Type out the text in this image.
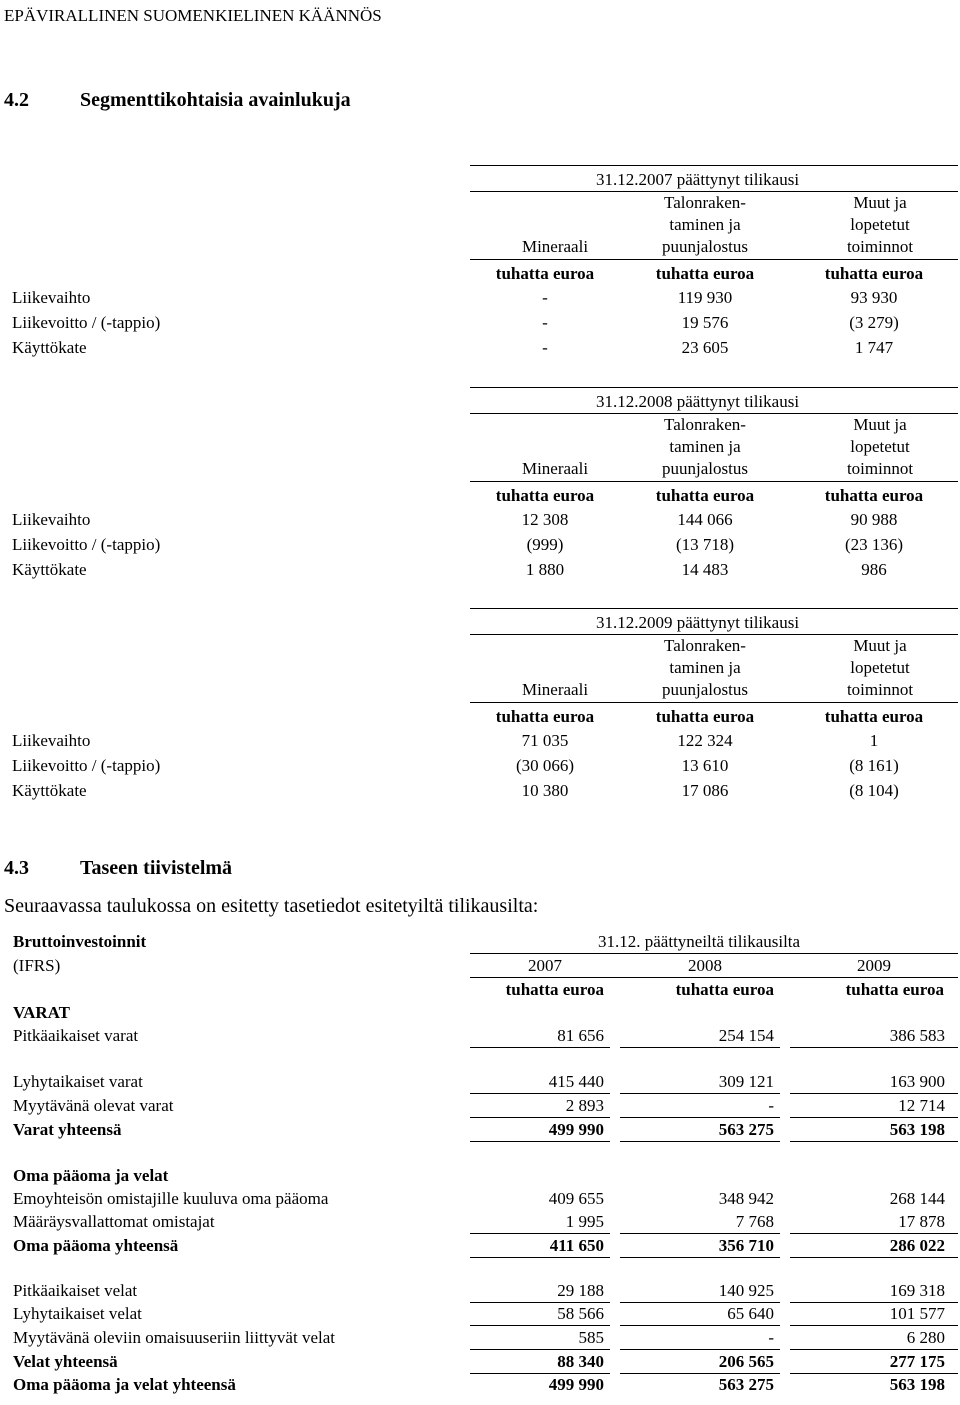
EPÄVIRALLINEN SUOMENKIELINEN KÄÄNNÖS
4.2	Segmenttikohtaisia avainlukuja
31.12.2007 päättynyt tilikausi
Mineraali
Talonraken-	Muut ja
taminen ja	lopetetut
puunjalostus	toiminnot
tuhatta euroa	tuhatta euroa	tuhatta euroa
Liikevaihto	-	119 930	93 930
Liikevoitto / (-tappio)	-	19 576	(3 279)
Käyttökate	-	23 605	1 747
31.12.2008 päättynyt tilikausi
Mineraali
Talonraken-	Muut ja
taminen ja	lopetetut
puunjalostus	toiminnot
tuhatta euroa	tuhatta euroa	tuhatta euroa
Liikevaihto	12 308	144 066	90 988
Liikevoitto / (-tappio)	(999)	(13 718)	(23 136)
Käyttökate	1 880	14 483	986
31.12.2009 päättynyt tilikausi
Mineraali
Talonraken-	Muut ja
taminen ja	lopetetut
puunjalostus	toiminnot
tuhatta euroa	tuhatta euroa	tuhatta euroa
Liikevaihto	71 035	122 324	1
Liikevoitto / (-tappio)	(30 066)	13 610	(8 161)
Käyttökate	10 380	17 086	(8 104)
4.3	Taseen tiivistelmä
Seuraavassa taulukossa on esitetty tasetiedot esitetyiltä tilikausilta:
Bruttoinvestoinnit
(IFRS)
31.12. päättyneiltä tilikausilta
2007	2008	2009
tuhatta euroa	tuhatta euroa	tuhatta euroa
VARAT
Pitkäaikaiset varat	81 656	254 154	386 583
Lyhytaikaiset varat	415 440	309 121	163 900
Myytävänä olevat varat	2 893	-	12 714
Varat yhteensä	499 990	563 275	563 198
Oma pääoma ja velat
Emoyhteisön omistajille kuuluva oma pääoma	409 655	348 942	268 144
Määräysvallattomat omistajat	1 995	7 768	17 878
Oma pääoma yhteensä	411 650	356 710	286 022
Pitkäaikaiset velat	29 188	140 925	169 318
Lyhytaikaiset velat	58 566	65 640	101 577
Myytävänä oleviin omaisuuseriin liittyvät velat	585	-	6 280
Velat yhteensä	88 340	206 565	277 175
Oma pääoma ja velat yhteensä	499 990	563 275	563 198
